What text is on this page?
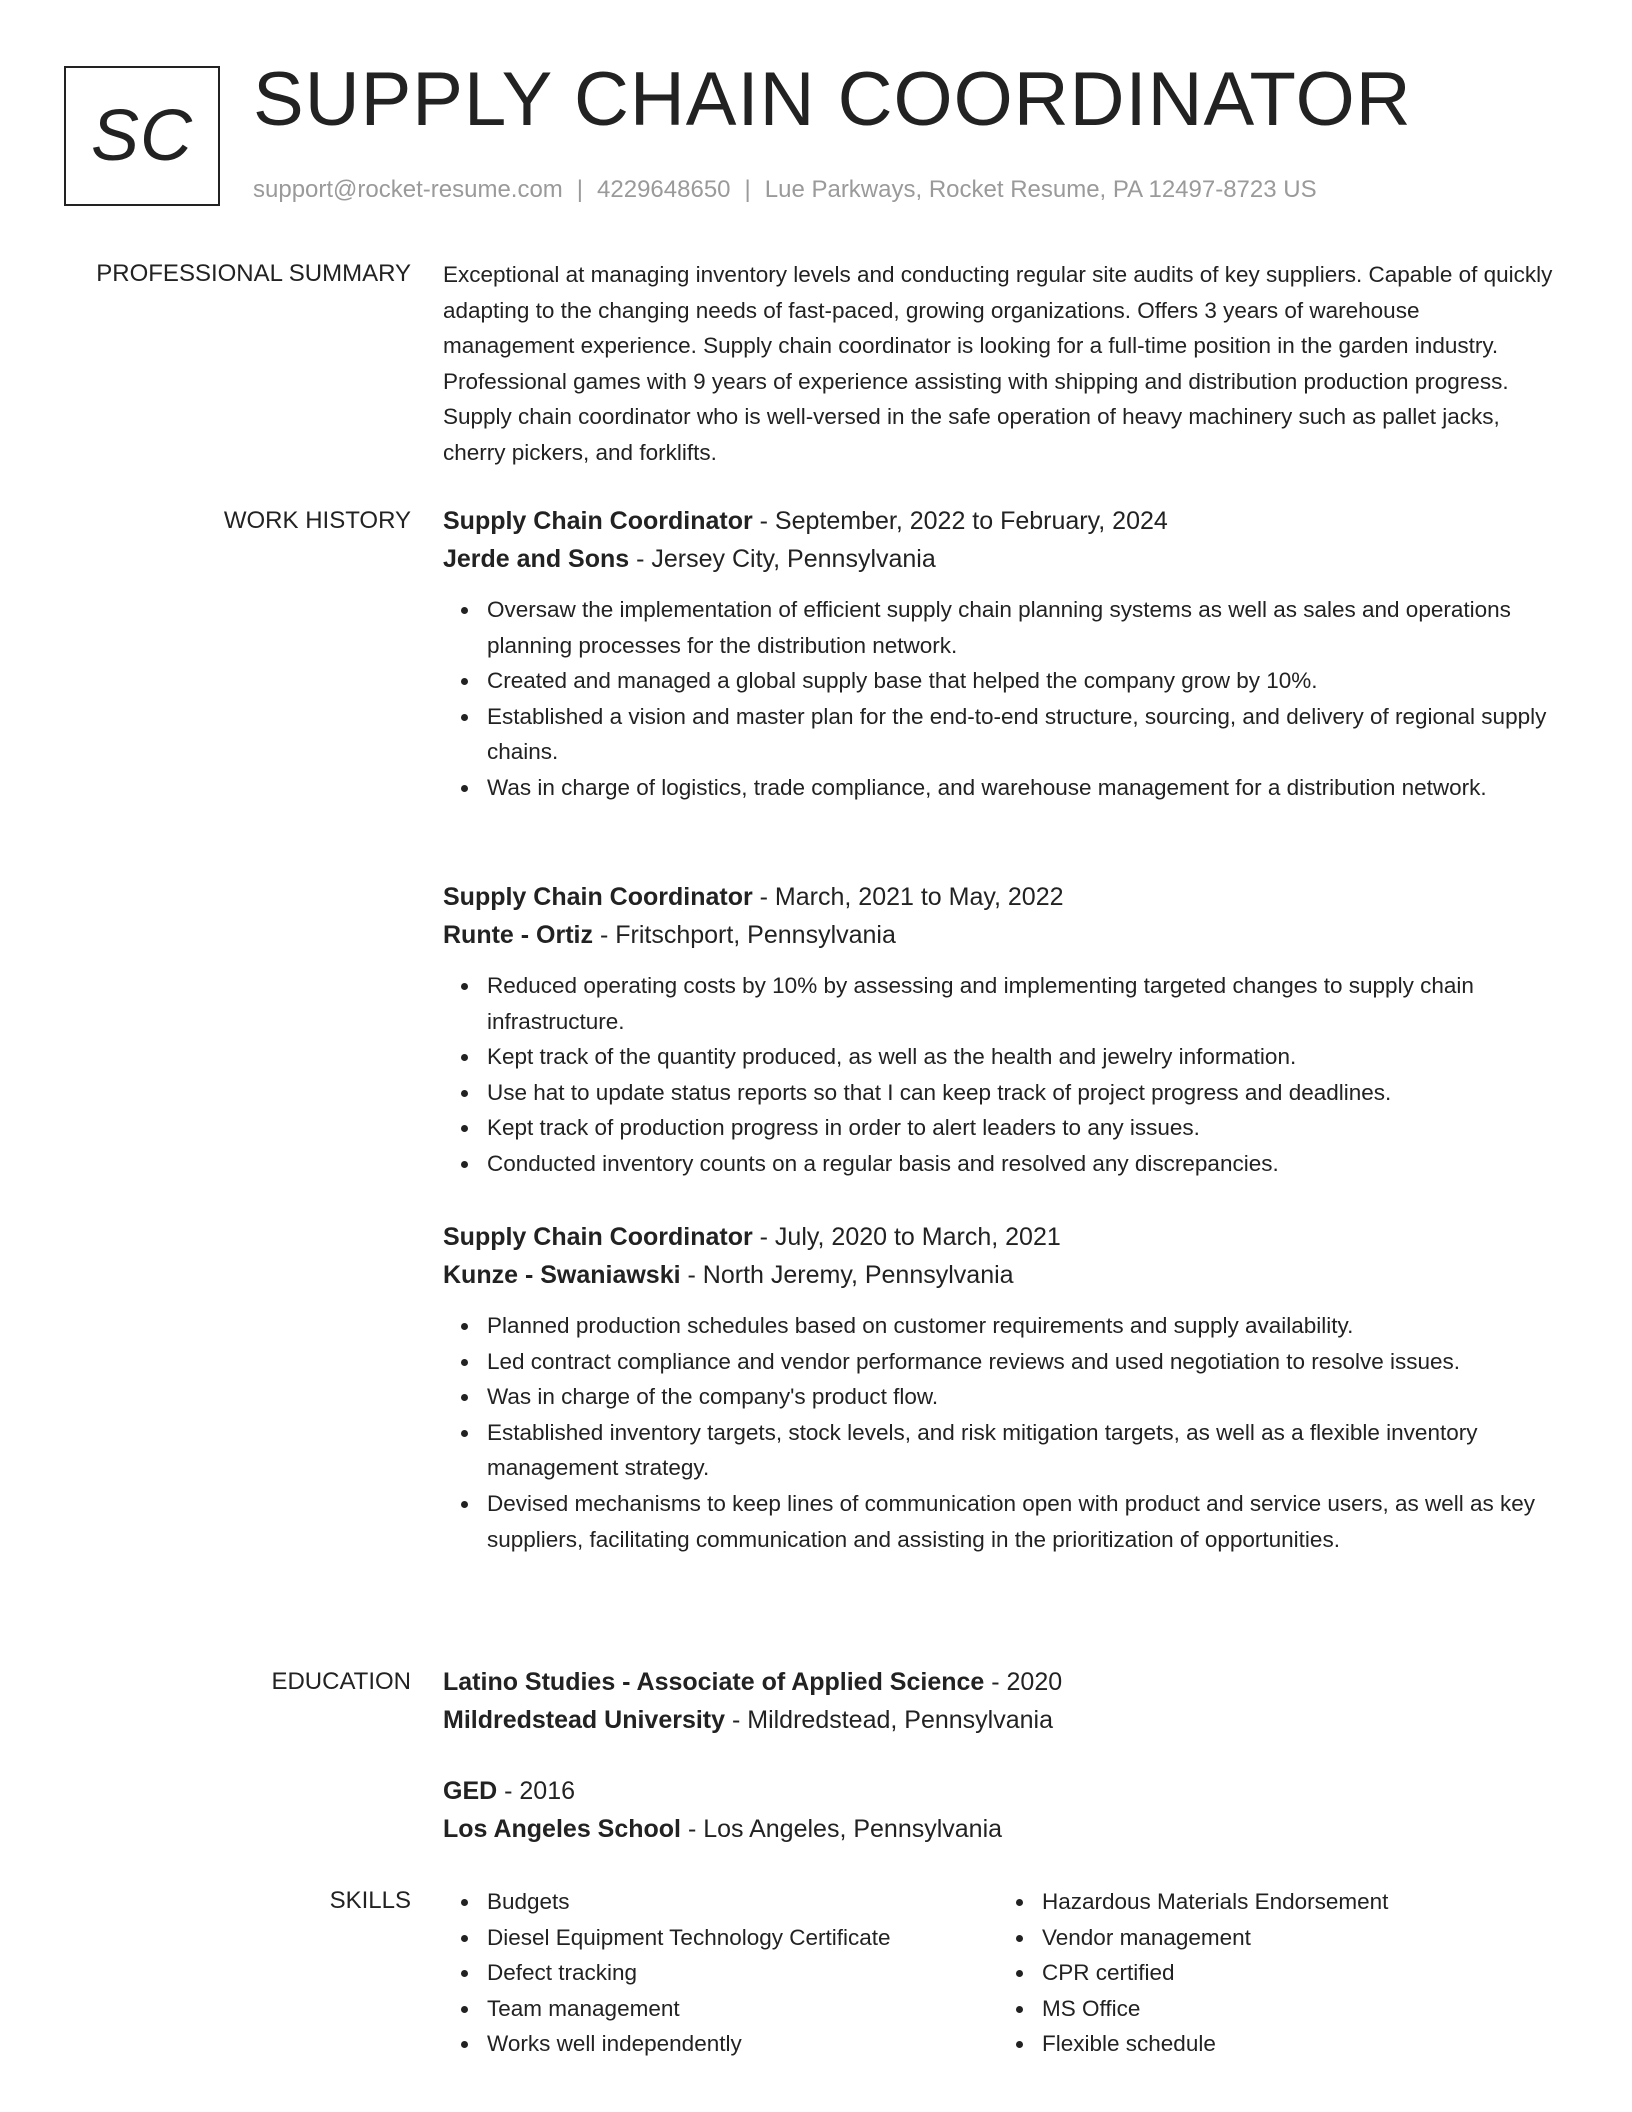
SC SUPPLY CHAIN COORDINATOR
support@rocket-resume.com | 4229648650 | Lue Parkways, Rocket Resume, PA 12497-8723 US
PROFESSIONAL SUMMARY Exceptional at managing inventory levels and conducting regular site audits of key suppliers. Capable of quickly adapting to the changing needs of fast-paced, growing organizations. Offers 3 years of warehouse management experience. Supply chain coordinator is looking for a full-time position in the garden industry. Professional games with 9 years of experience assisting with shipping and distribution production progress. Supply chain coordinator who is well-versed in the safe operation of heavy machinery such as pallet jacks, cherry pickers, and forklifts.
WORK HISTORY Supply Chain Coordinator - September, 2022 to February, 2024
Jerde and Sons - Jersey City, Pennsylvania
Oversaw the implementation of efficient supply chain planning systems as well as sales and operations planning processes for the distribution network.
Created and managed a global supply base that helped the company grow by 10%.
Established a vision and master plan for the end-to-end structure, sourcing, and delivery of regional supply chains.
Was in charge of logistics, trade compliance, and warehouse management for a distribution network.
Supply Chain Coordinator - March, 2021 to May, 2022
Runte - Ortiz - Fritschport, Pennsylvania
Reduced operating costs by 10% by assessing and implementing targeted changes to supply chain infrastructure.
Kept track of the quantity produced, as well as the health and jewelry information.
Use hat to update status reports so that I can keep track of project progress and deadlines.
Kept track of production progress in order to alert leaders to any issues.
Conducted inventory counts on a regular basis and resolved any discrepancies.
Supply Chain Coordinator - July, 2020 to March, 2021
Kunze - Swaniawski - North Jeremy, Pennsylvania
Planned production schedules based on customer requirements and supply availability.
Led contract compliance and vendor performance reviews and used negotiation to resolve issues.
Was in charge of the company's product flow.
Established inventory targets, stock levels, and risk mitigation targets, as well as a flexible inventory management strategy.
Devised mechanisms to keep lines of communication open with product and service users, as well as key suppliers, facilitating communication and assisting in the prioritization of opportunities.
EDUCATION Latino Studies - Associate of Applied Science - 2020
Mildredstead University - Mildredstead, Pennsylvania
GED - 2016
Los Angeles School - Los Angeles, Pennsylvania
SKILLS	Budgets
Diesel Equipment Technology Certificate
Defect tracking
Team management
Works well independently
Hazardous Materials Endorsement
Vendor management
CPR certified
MS Office
Flexible schedule
